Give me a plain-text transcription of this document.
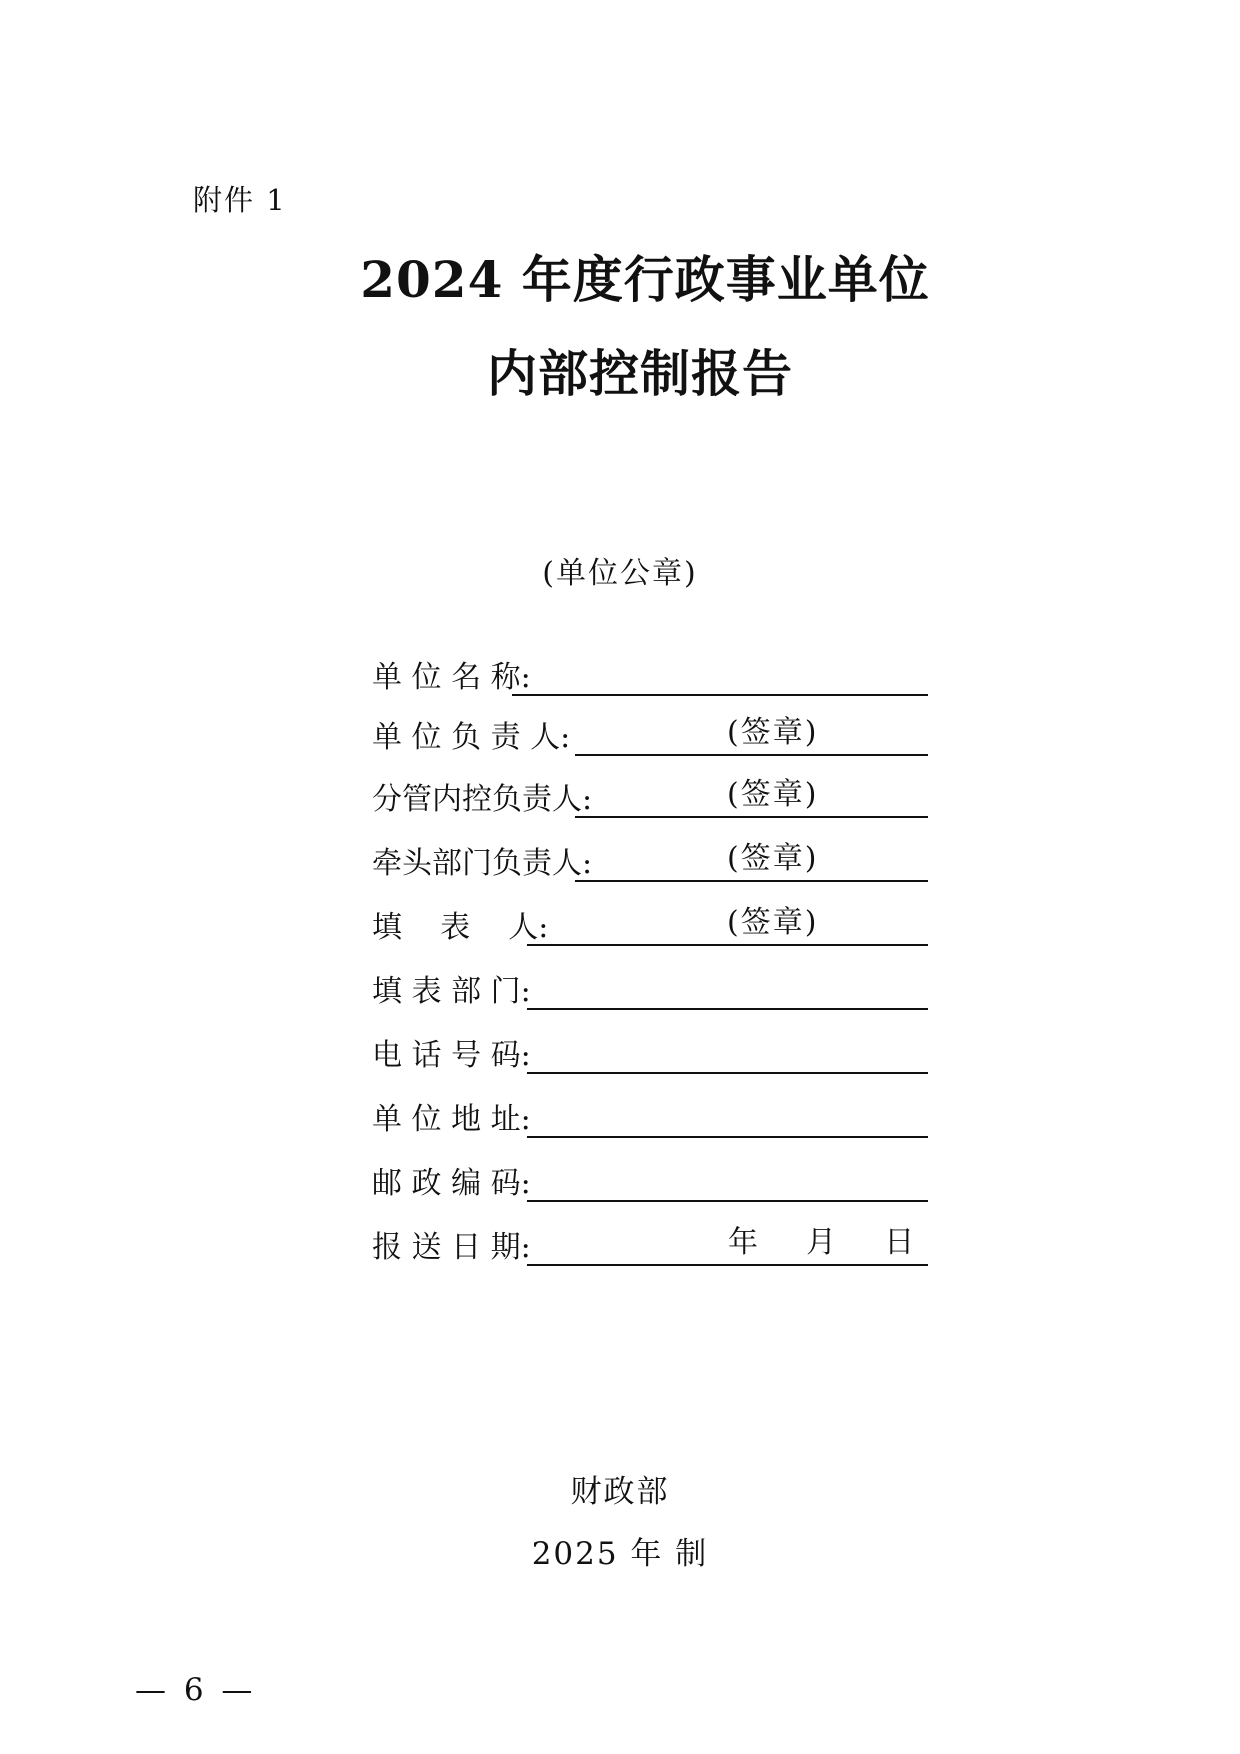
附件 1
2024 年度行政事业单位
内部控制报告
(单位公章)
单 位 名 称:
单 位 负 责 人:	(签章)
分管内控负责人:	(签章)
牵头部门负责人:	(签章)
填    表    人:	(签章)
填 表 部 门:
电 话 号 码:
单 位 地 址:
邮 政 编 码:
报 送 日 期:	年    月    日
财政部
2025 年 制
— 6 —
